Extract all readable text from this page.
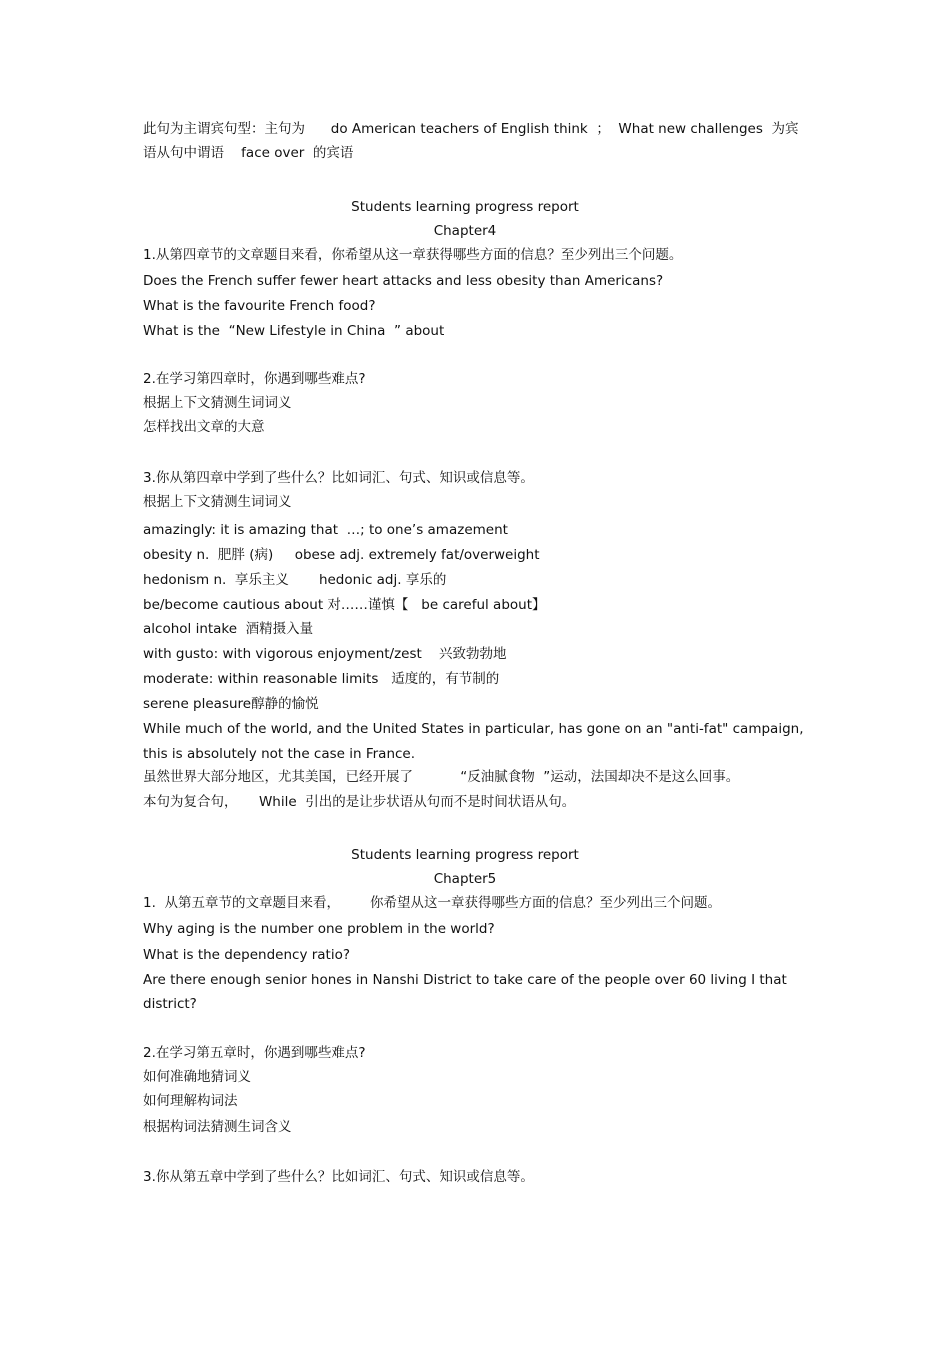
此句为主谓宾句型：主句为      do American teachers of English think  ；  What new challenges  为宾

语从句中谓语    face over  的宾语

Students learning progress report

Chapter4

1.从第四章节的文章题目来看，你希望从这一章获得哪些方面的信息？至少列出三个问题。

Does the French suffer fewer heart attacks and less obesity than Americans?

What is the favourite French food?

What is the  “New Lifestyle in China  ” about

2.在学习第四章时，你遇到哪些难点?

根据上下文猜测生词词义

怎样找出文章的大意

3.你从第四章中学到了些什么？比如词汇、句式、知识或信息等。

根据上下文猜测生词词义

amazingly: it is amazing that  …; to one’s amazement

obesity n.  肥胖 (病)     obese adj. extremely fat/overweight

hedonism n.  享乐主义       hedonic adj. 享乐的

be/become cautious about 对……谨慎【   be careful about】

alcohol intake  酒精摄入量

with gusto: with vigorous enjoyment/zest    兴致勃勃地

moderate: within reasonable limits   适度的，有节制的

serene pleasure醇静的愉悦

While much of the world, and the United States in particular, has gone on an "anti-fat" campaign,

this is absolutely not the case in France.

虽然世界大部分地区，尤其美国，已经开展了           “反油腻食物  ”运动，法国却决不是这么回事。

本句为复合句，     While  引出的是让步状语从句而不是时间状语从句。

Students learning progress report

Chapter5

1.  从第五章节的文章题目来看，       你希望从这一章获得哪些方面的信息？至少列出三个问题。

Why aging is the number one problem in the world?

What is the dependency ratio?

Are there enough senior hones in Nanshi District to take care of the people over 60 living I that

district?

2.在学习第五章时，你遇到哪些难点?

如何准确地猜词义

如何理解构词法

根据构词法猜测生词含义

3.你从第五章中学到了些什么？比如词汇、句式、知识或信息等。
